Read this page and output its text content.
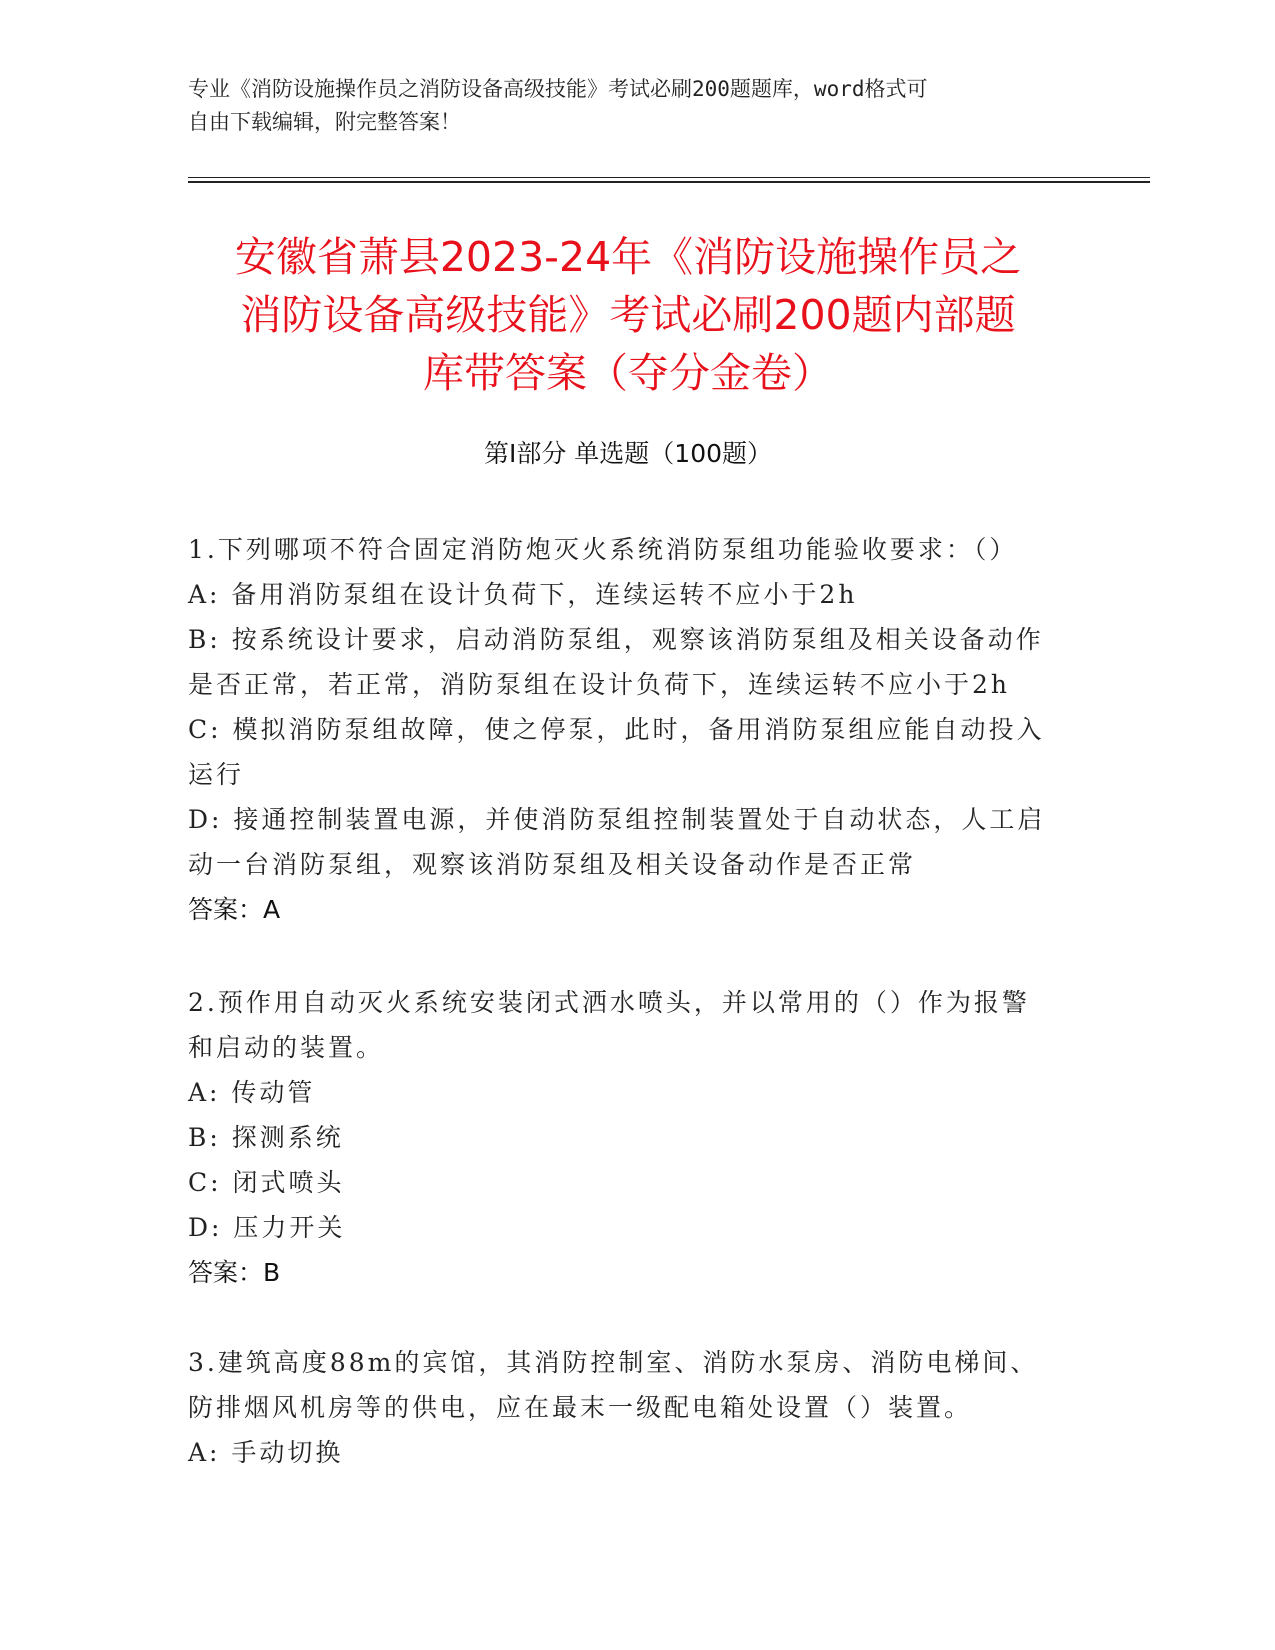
专业《消防设施操作员之消防设备高级技能》考试必刷200题题库，word格式可
自由下载编辑，附完整答案！
安徽省萧县2023-24年《消防设施操作员之
消防设备高级技能》考试必刷200题内部题
库带答案（夺分金卷）
第Ⅰ部分 单选题（100题）
1.下列哪项不符合固定消防炮灭火系统消防泵组功能验收要求：（）
A: 备用消防泵组在设计负荷下，连续运转不应小于2h
B: 按系统设计要求，启动消防泵组，观察该消防泵组及相关设备动作
是否正常，若正常，消防泵组在设计负荷下，连续运转不应小于2h
C: 模拟消防泵组故障，使之停泵，此时，备用消防泵组应能自动投入
运行
D: 接通控制装置电源，并使消防泵组控制装置处于自动状态，人工启
动一台消防泵组，观察该消防泵组及相关设备动作是否正常
答案：A
2.预作用自动灭火系统安装闭式洒水喷头，并以常用的（）作为报警
和启动的装置。
A: 传动管
B: 探测系统
C: 闭式喷头
D: 压力开关
答案：B
3.建筑高度88m的宾馆，其消防控制室、消防水泵房、消防电梯间、
防排烟风机房等的供电，应在最末一级配电箱处设置（）装置。
A: 手动切换
